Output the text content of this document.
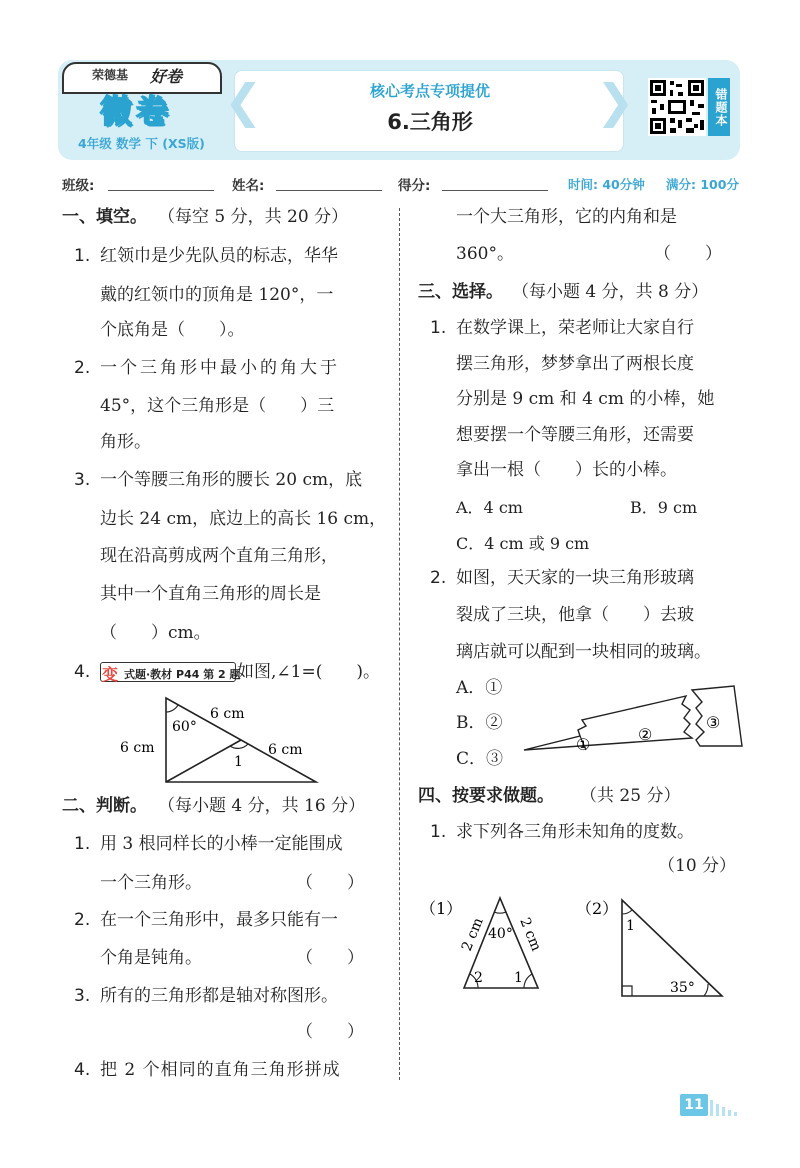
荣德基 好卷
微卷
4年级 数学 下 (XS版)
❮	❯
核心考点专项提优
6.三角形	错题本
班级:	姓名:	得分:	时间: 40分钟 满分: 100分
一、填空。 （每空 5 分，共 20 分）
1. 红领巾是少先队员的标志，华华
戴的红领巾的顶角是 120°，一
个底角是（　　）。
2. 一个三角形中最小的角大于
45°，这个三角形是（　　）三
角形。
3. 一个等腰三角形的腰长 20 cm，底
边长 24 cm，底边上的高长 16 cm，
现在沿高剪成两个直角三角形，
其中一个直角三角形的周长是
（　　）cm。
4. 变 式题·教材 P44 第 2 题
如图,∠1=(　　)。
6 cm
60°
6 cm	6 cm
1
二、判断。 （每小题 4 分，共 16 分）
1. 用 3 根同样长的小棒一定能围成
一个三角形。	（　　）
2. 在一个三角形中，最多只能有一
个角是钝角。	（　　）
3. 所有的三角形都是轴对称图形。
（　　）
4. 把 2 个相同的直角三角形拼成
一个大三角形，它的内角和是
360°。	（　　）
三、选择。 （每小题 4 分，共 8 分）
1. 在数学课上，荣老师让大家自行
摆三角形，梦梦拿出了两根长度
分别是 9 cm 和 4 cm 的小棒，她
想要摆一个等腰三角形，还需要
拿出一根（　　）长的小棒。
A．4 cm	B．9 cm
C．4 cm 或 9 cm
2. 如图，天天家的一块三角形玻璃
裂成了三块，他拿（　　）去玻
璃店就可以配到一块相同的玻璃。
A．①
B．②
C．③
①
②
③
四、按要求做题。 （共 25 分）
1. 求下列各三角形未知角的度数。
（10 分）
（1）
40°
2 1
2 cm 2 cm
（2）
1
35°
11
